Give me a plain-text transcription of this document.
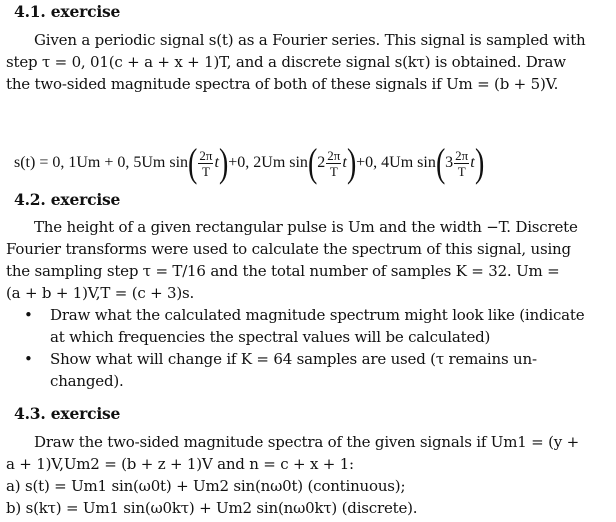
4.1. exercise
Given a periodic signal s(t) as a Fourier series. This signal is sampled with
step τ = 0, 01(c + a + x + 1)T, and a discrete signal s(kτ) is obtained. Draw
the two-sided magnitude spectra of both of these signals if Um = (b + 5)V.
s(t) = 0, 1Um + 0, 5Um sin ( $\frac{2\pi}{T}$ t ) +0, 2Um sin ( $2 \frac{2\pi}{T}$ t ) +0, 4Um sin ( $3 \frac{2\pi}{T}$ t )
4.2. exercise
The height of a given rectangular pulse is Um and the width −T. Discrete
Fourier transforms were used to calculate the spectrum of this signal, using
the sampling step τ = T/16 and the total number of samples K = 32. Um =
(a + b + 1)V,T = (c + 3)s.
• Draw what the calculated magnitude spectrum might look like (indicate
at which frequencies the spectral values will be calculated)
• Show what will change if K = 64 samples are used (τ remains un-
changed).
4.3. exercise
Draw the two-sided magnitude spectra of the given signals if Um1 = (y +
a + 1)V,Um2 = (b + z + 1)V and n = c + x + 1:
a) s(t) = Um1 sin(ω0t) + Um2 sin(nω0t) (continuous);
b) s(kτ) = Um1 sin(ω0kτ) + Um2 sin(nω0kτ) (discrete).
